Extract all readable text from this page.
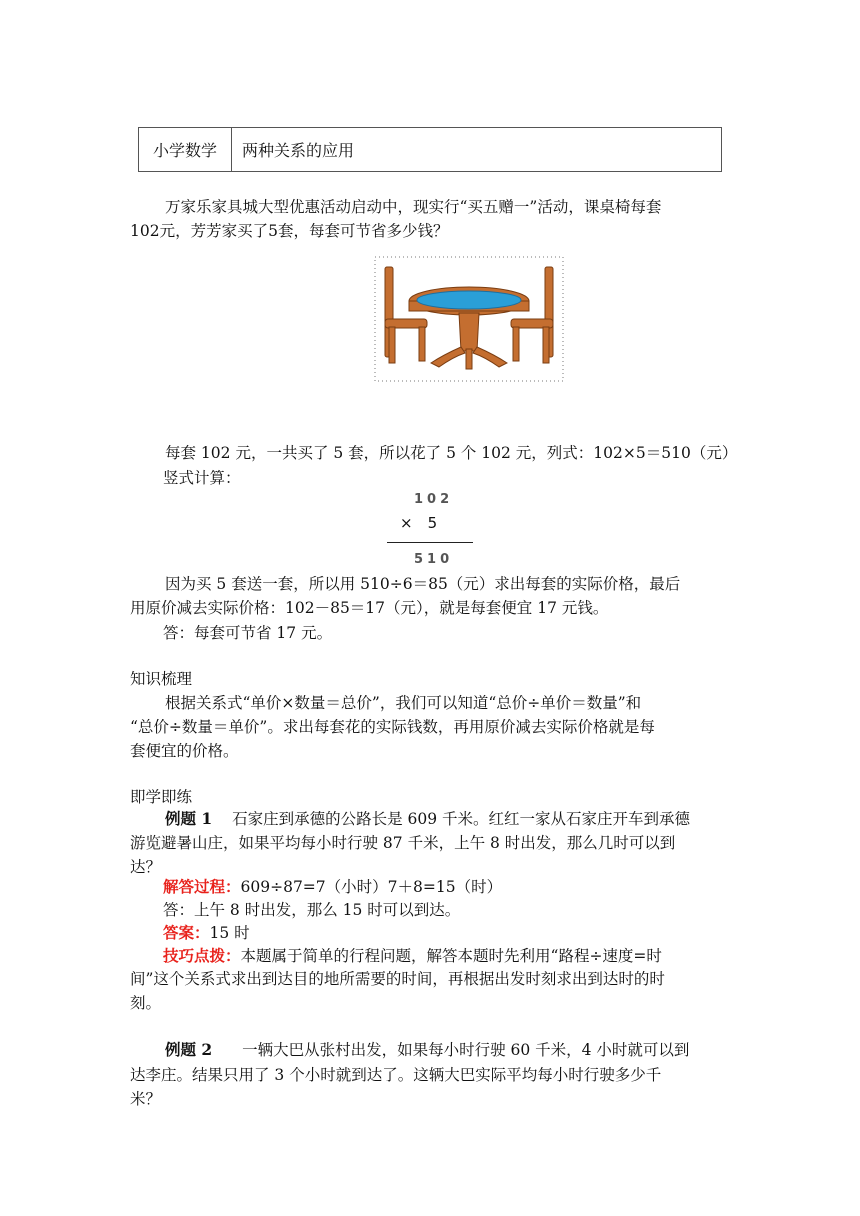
小学数学	两种关系的应用
万家乐家具城大型优惠活动启动中，现实行“买五赠一”活动，课桌椅每套
102元，芳芳家买了5套，每套可节省多少钱？
每套 102 元，一共买了 5 套，所以花了 5 个 102 元，列式：102×5＝510（元）
竖式计算：
102
×　5
510
因为买 5 套送一套，所以用 510÷6＝85（元）求出每套的实际价格，最后
用原价减去实际价格：102－85＝17（元），就是每套便宜 17 元钱。
答：每套可节省 17 元。
知识梳理
根据关系式“单价×数量＝总价”，我们可以知道“总价÷单价＝数量”和
“总价÷数量＝单价”。求出每套花的实际钱数，再用原价减去实际价格就是每
套便宜的价格。
即学即练
例题 1 石家庄到承德的公路长是 609 千米。红红一家从石家庄开车到承德
游览避暑山庄，如果平均每小时行驶 87 千米，上午 8 时出发，那么几时可以到
达？
解答过程：609÷87=7（小时）7＋8=15（时）
答：上午 8 时出发，那么 15 时可以到达。
答案：15 时
技巧点拨：本题属于简单的行程问题，解答本题时先利用“路程÷速度=时
间”这个关系式求出到达目的地所需要的时间，再根据出发时刻求出到达时的时
刻。
例题 2 一辆大巴从张村出发，如果每小时行驶 60 千米，4 小时就可以到
达李庄。结果只用了 3 个小时就到达了。这辆大巴实际平均每小时行驶多少千
米？
